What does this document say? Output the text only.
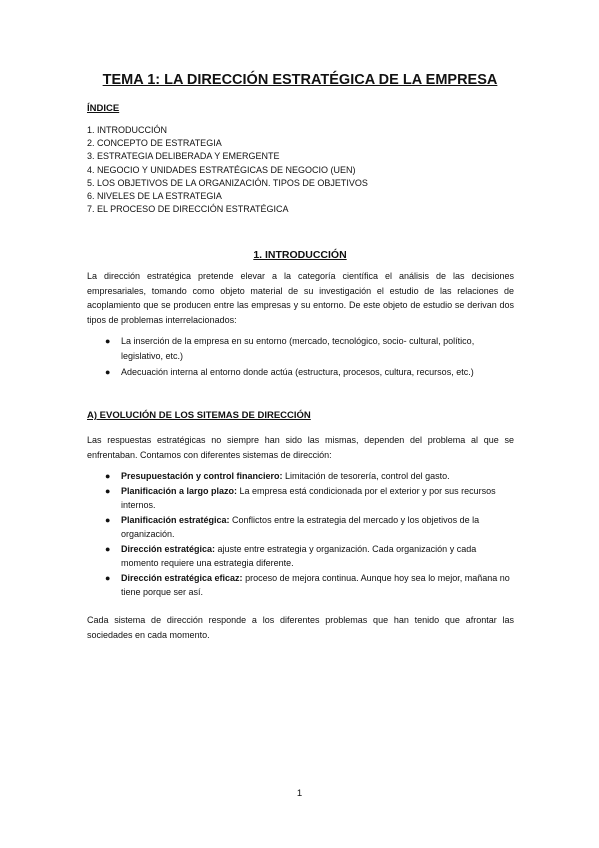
TEMA 1: LA DIRECCIÓN ESTRATÉGICA DE LA EMPRESA
ÍNDICE
1. INTRODUCCIÓN
2. CONCEPTO DE ESTRATEGIA
3. ESTRATEGIA DELIBERADA Y EMERGENTE
4. NEGOCIO Y UNIDADES ESTRATÉGICAS DE NEGOCIO (UEN)
5. LOS OBJETIVOS DE LA ORGANIZACIÓN. TIPOS DE OBJETIVOS
6. NIVELES DE LA ESTRATEGIA
7. EL PROCESO DE DIRECCIÓN ESTRATÉGICA
1. INTRODUCCIÓN

La dirección estratégica pretende elevar a la categoría científica el análisis de las decisiones empresariales, tomando como objeto material de su investigación el estudio de las relaciones de acoplamiento que se producen entre las empresas y su entorno. De este objeto de estudio se derivan dos tipos de problemas interrelacionados:

● La inserción de la empresa en su entorno (mercado, tecnológico, socio- cultural, político, legislativo, etc.)
● Adecuación interna al entorno donde actúa (estructura, procesos, cultura, recursos, etc.)
A) EVOLUCIÓN DE LOS SITEMAS DE DIRECCIÓN

Las respuestas estratégicas no siempre han sido las mismas, dependen del problema al que se enfrentaban. Contamos con diferentes sistemas de dirección:

● Presupuestación y control financiero: Limitación de tesorería, control del gasto.
● Planificación a largo plazo: La empresa está condicionada por el exterior y por sus recursos internos.
● Planificación estratégica: Conflictos entre la estrategia del mercado y los objetivos de la organización.
● Dirección estratégica: ajuste entre estrategia y organización. Cada organización y cada momento requiere una estrategia diferente.
● Dirección estratégica eficaz: proceso de mejora continua. Aunque hoy sea lo mejor, mañana no tiene porque ser así.

Cada sistema de dirección responde a los diferentes problemas que han tenido que afrontar las sociedades en cada momento.

1
